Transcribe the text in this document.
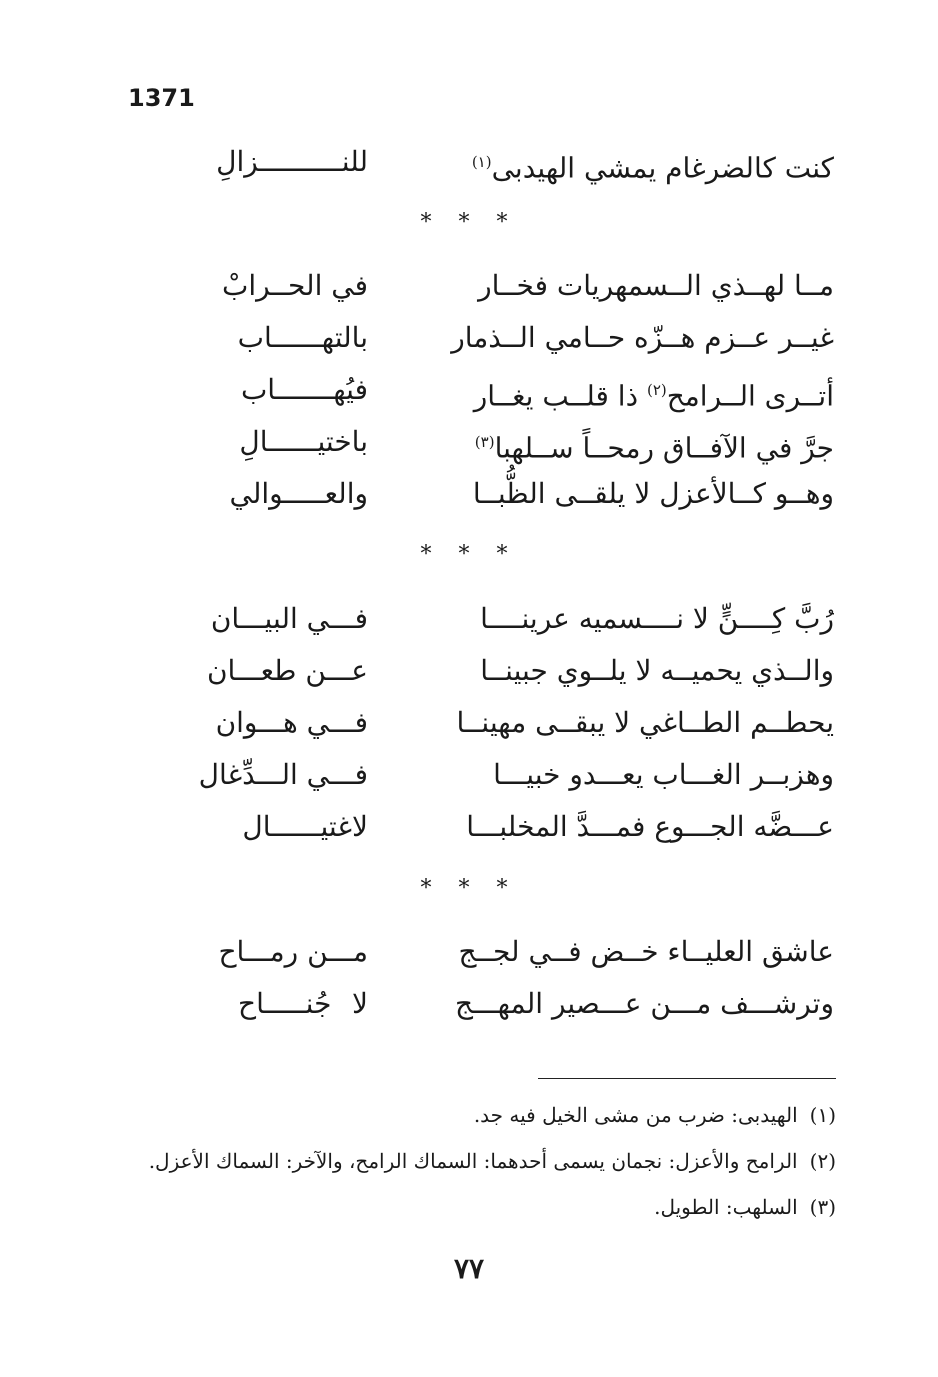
1371
كنت كالضرغام يمشي الهيدبى$^{(١)}$
للنــــــــــزالِ
* * *
مــا لهــذي الــسمهريات فخــار
في الحــرابْ
غيــر عــزم هــزّه حــامي الــذمار
بالتهــــــاب
أتــرى الــرامح$^{(٢)}$ ذا قلــب يغــار
فيُهـــــــاب
جرَّ في الآفــاق رمحــاً ســلهبا$^{(٣)}$
باختيــــــالِ
وهــو كــالأعزل لا يلقــى الظُّبــا
والعـــــوالي
* * *
رُبَّ كِــــنٍّ لا نــــسميه عرينــــا
فـــي البيـــان
والــذي يحميــه لا يلــوي جبينــا
عـــن طعـــان
يحطــم الطــاغي لا يبقــى مهينــا
فـــي هـــوان
وهزبــر الغـــاب يعـــدو خبيـــا
فـــي الـــدِّغال
عـــضَّه الجـــوع فمـــدَّ المخلبـــا
لاغتيــــــال
* * *
عاشق العليــاء خــض فــي لجــج
مـــن رمـــاح
وترشـــف مـــن عـــصير المهـــج
لا جُنـــــاح
(١)الهيدبى: ضرب من مشى الخيل فيه جد.
(٢)الرامح والأعزل: نجمان يسمى أحدهما: السماك الرامح، والآخر: السماك الأعزل.
(٣)السلهب: الطويل.
٧٧
